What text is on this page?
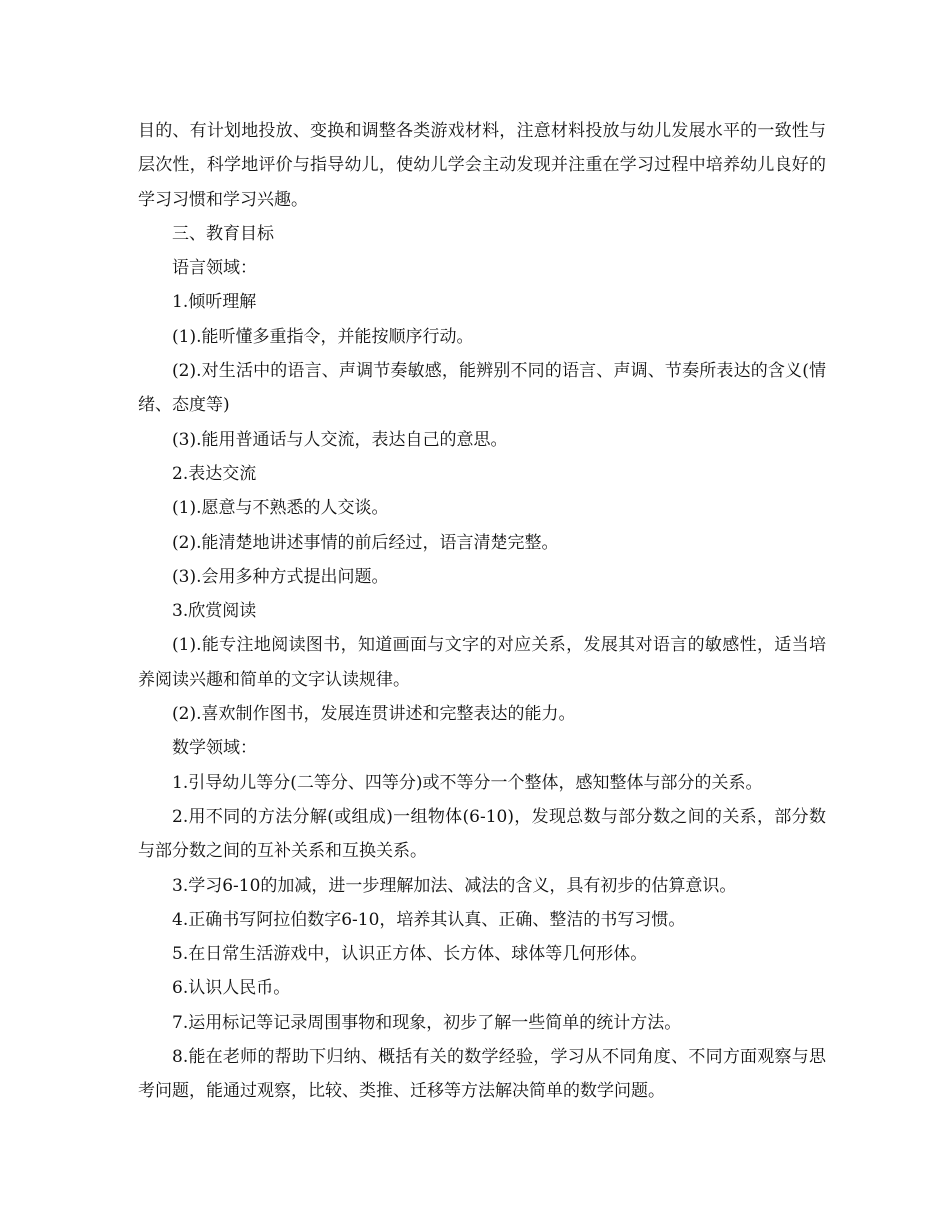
目的、有计划地投放、变换和调整各类游戏材料，注意材料投放与幼儿发展水平的一致性与层次性，科学地评价与指导幼儿，使幼儿学会主动发现并注重在学习过程中培养幼儿良好的学习习惯和学习兴趣。

三、教育目标

语言领域：

1.倾听理解

(1).能听懂多重指令，并能按顺序行动。

(2).对生活中的语言、声调节奏敏感，能辨别不同的语言、声调、节奏所表达的含义(情绪、态度等)

(3).能用普通话与人交流，表达自己的意思。

2.表达交流

(1).愿意与不熟悉的人交谈。

(2).能清楚地讲述事情的前后经过，语言清楚完整。

(3).会用多种方式提出问题。

3.欣赏阅读

(1).能专注地阅读图书，知道画面与文字的对应关系，发展其对语言的敏感性，适当培养阅读兴趣和简单的文字认读规律。

(2).喜欢制作图书，发展连贯讲述和完整表达的能力。

数学领域：

1.引导幼儿等分(二等分、四等分)或不等分一个整体，感知整体与部分的关系。

2.用不同的方法分解(或组成)一组物体(6-10)，发现总数与部分数之间的关系，部分数与部分数之间的互补关系和互换关系。

3.学习6-10的加减，进一步理解加法、减法的含义，具有初步的估算意识。

4.正确书写阿拉伯数字6-10，培养其认真、正确、整洁的书写习惯。

5.在日常生活游戏中，认识正方体、长方体、球体等几何形体。

6.认识人民币。

7.运用标记等记录周围事物和现象，初步了解一些简单的统计方法。

8.能在老师的帮助下归纳、概括有关的数学经验，学习从不同角度、不同方面观察与思考问题，能通过观察，比较、类推、迁移等方法解决简单的数学问题。
